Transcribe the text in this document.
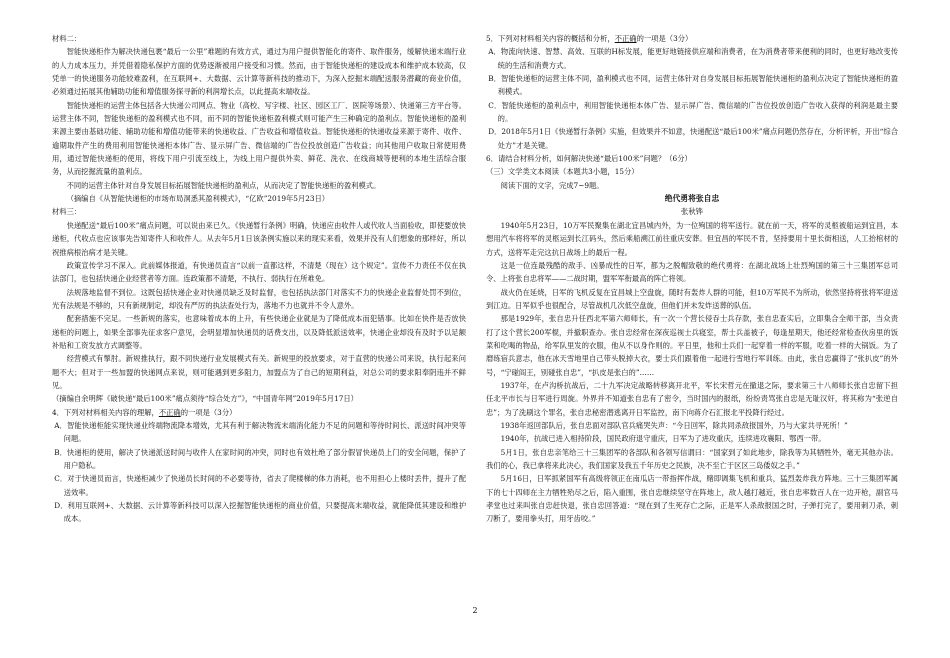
材料二：

智能快递柜作为解决快递包裹“最后一公里”难题的有效方式，通过为用户提供智能化的寄件、取件服务，缓解快递末端行业的人力成本压力，并凭借着隐私保护方面的优势逐渐被用户接受和习惯。然而，由于智能快递柜的建设成本和维护成本较高，仅凭单一的快递服务功能较难盈利，在互联网+、大数据、云计算等新科技的推动下，为深入挖掘末端配送服务潜藏的商业价值，必须通过拓展其他辅助功能和增值服务探寻新的利润增长点，以此提高末端收益。

智能快递柜的运营主体包括各大快递公司网点、物业（高校、写字楼、社区、园区工厂、医院等场景）、快递第三方平台等。运营主体不同，智能快递柜的盈利模式也不同，而不同的智能快递柜盈利模式则可能产生三种确定的盈利点。智能快递柜的盈利来源主要由基础功能、辅助功能和增值功能带来的快递收益、广告收益和增值收益。智能快递柜的快递收益来源于寄件、收件、逾期取件产生的费用利用智能快递柜本体广告、显示屏广告、微信端的广告位投放创造广告收益；向其他用户收取日常使用费用，通过智能快递柜的使用，将线下用户引流至线上，为线上用户提供外卖、鲜花、洗衣、在线商城等便利的本地生活综合服务，从而挖掘流量的盈利点。

不同的运营主体针对自身发展目标拓展智能快递柜的盈利点，从而决定了智能快递柜的盈利模式。

（摘编自《从智能快递柜的市场布局洞悉其盈利模式》，“亿欧”2019年5月23日）

材料三：

快递配送“最后100米”痛点问题，可以说由来已久。《快递暂行条例》明确，快递应由收件人或代收人当面验收，即使要放快递柜，代收点也应该事先告知寄件人和收件人。从去年5月1日该条例实施以来的现实来看，效果并没有人们想象的那样好，所以祝推病根治病才是关键。

政策宣传学习不深入。此前媒体报道，有快递员直言“以前一直都这样，不清楚（现在）这个规定”。宣传不力责任不仅在执法部门，也包括快递企业经营者等方面。连政策都不清楚，不执行、弱执行在所难免。

法规落地监督不到位。这既包括快递企业对快递员缺乏及时监督，也包括执法部门对落实不力的快递企业监督处罚不到位，光有法规是不够的，只有新规制定，却没有严厉的执法查处行为，落地不力也就并不令人意外。

配套措施不完足。一些新规的落实，也意味着成本的上升，有些快递企业就是为了降低成本而犯错事。比如在快件是否放快递柜的问题上，如果全部事先征求客户意见，会明显增加快递员的话费支出，以及降低派送效率，快递企业却没有及时予以足额补贴和工资发放方式调整等。

经营模式有掣肘。新规推执行，跟不同快递行业发展模式有关。新规里的投放要求，对于直营的快递公司来说，执行起来问题不大；但对于一些加盟的快递网点来说，则可能遇到更多阻力，加盟点为了自己的短期利益，对总公司的要求阳奉阴违并不鲜见。

（摘编自余明辉《破快递“最后100米”痛点须待“综合处方”》，“中国青年网”2019年5月17日）

4．下列对材料相关内容的理解，不正确的一项是（3分）

A．智能快递柜能实现快递业终端物流降本增效，尤其有利于解决物流末端消化能力不足的问题和等待时间长、派送时间冲突等问题。

B．快递柜的使用，解决了快递派送时间与收件人在家时间的冲突，同时也有效杜绝了部分假冒快递员上门的安全问题，保护了用户隐私。

C．对于快递员而言，快递柜减少了快递员长时间的不必要等待，省去了爬楼梯的体力消耗，也不用担心上楼时丢件，提升了配送效率。

D．利用互联网+、大数据、云计算等新科技可以深入挖掘智能快递柜的商业价值，只要提高末端收益，就能降低其建设和维护成本。

5．下列对材料相关内容的概括和分析，不正确的一项是（3分）

A．物流向快速、智慧、高效、互联的H标发展，能更好地链接供应端和消费者，在为消费者带来便利的同时，也更好地改变传统的生活和消费方式。

B．智能快递柜的运营主体不同，盈利模式也不同，运营主体针对自身发展目标拓展智能快递柜的盈利点决定了智能快递柜的盈利模式。

C．智能快递柜的盈利点中，利用智能快递柜本体广告、显示屏广告、微信端的广告位投放创造广告收入获得的利润是最主要的。

D．2018年5月1日《快递暂行条例》实施，但效果并不如意，快递配送“最后100米”痛点问题仍然存在，分析评析，开出“综合处方”才是关键。

6．请结合材料分析，如何解决快递“最后100米”问题？（6分）

（三）文学类文本阅读（本题共3小题，15分）

阅读下面的文字，完成7~9题。

绝代勇将张自忠

张秋铧

1940年5月23日，10万军民聚集在湖北宜昌城内外，为一位殉国的将军送行。就在前一天，将军的灵柩被船运到宜昌，本想用汽车将将军的灵柩运到长江码头，然后乘船溯江前往重庆安葬。但宜昌的军民不肯，坚持要用十里长街相送，人工抬棺材的方式，送将军走完这抗日战场上的最后一程。

这是一位连最残酷的敌手、凶暴成性的日军，都为之脱帽致敬的绝代勇将：在湖北战场上壮烈殉国的第三十三集团军总司令、上将张自忠将军——二战时期，盟军军衔最高的阵亡将领。

战火仍在延烧，日军的飞机反复在宜昌城上空盘旋，随时有轰炸人群的可能，但10万军民不为所动，依然坚持将张将军迎送到江边。日军似乎也很配合，尽管战机几次低空盘旋，但他们并未发炸送葬的队伍。

那是1929年，张自忠升任西北军第六师师长，有一次一个营长侵吞士兵存款，张自忠查实后，立即集合全师干部，当众责打了这个营长200军棍，并撤职查办。张自忠经常在深夜巡视士兵寝室，帮士兵盖被子，每逢星期天，他还经常检查伙房里的饭菜和吃喝的物品，给军队里发的衣服，他从不以身作则的。平日里，他和士兵们一起穿着一样的军服，吃着一样的大锅饭。为了磨练宿兵意志，他在冰天雪地里自己带头脱掉大衣，要士兵们跟着他一起进行雪地行军训练。由此，张自忠赢得了“张扒皮”的外号，“宁碰阎王，别碰张自忠”，“扒皮是张白的”……

1937年，在卢沟桥抗战后，二十九军决定战略转移离开北平，军长宋哲元在撤退之际，要求第三十八师师长张自忠留下担任北平市长与日军进行周旋。外界并不知道张自忠有了密令，当时国内的报纸，纷纷责骂张自忠是无耻汉奸，将其称为“张逆自忠”；为了洗刷这个罪名，张自忠秘密潜逃离开日军监控，南下向蒋介石汇报北平投降行经过。

1938年返回部队后，张自忠面对部队官兵痛哭失声：“今日回军，除共同杀敌报国外，乃与大家共寻死所！”

1940年，抗战已进入相持阶段，国民政府退守重庆，日军为了进攻重庆，连续进攻襄阳、鄂西一带。

5月1日，张自忠亲笔给三十三集团军的各部队和各领写信谓曰：“国家到了如此地步，除我等为其牺牲外，毫无其他办法。我们的心，我已拿将来此决心，我们国家及我五千年历史之民族，决不至亡于区区三岛倭奴之手。”

5月16日，日军抓紧国军有高级将领正在南瓜店一带指挥作战，赌即调集飞机和重兵，猛烈轰炸我方阵地。三十三集团军属下的七十四师在主力牺牲殆尽之后，陷入重围，张自忠继续坚守在阵地上，敌人越打越近，张自忠率数百人在一边开枪，副官马孝堂也过来叫张自忠赶快退，张自忠回答道：“现在到了生死存亡之际，正是军人杀敌报国之时，子弹打完了，要用刺刀杀，刺刀断了，要用拳头打，用牙齿咬。”

2
